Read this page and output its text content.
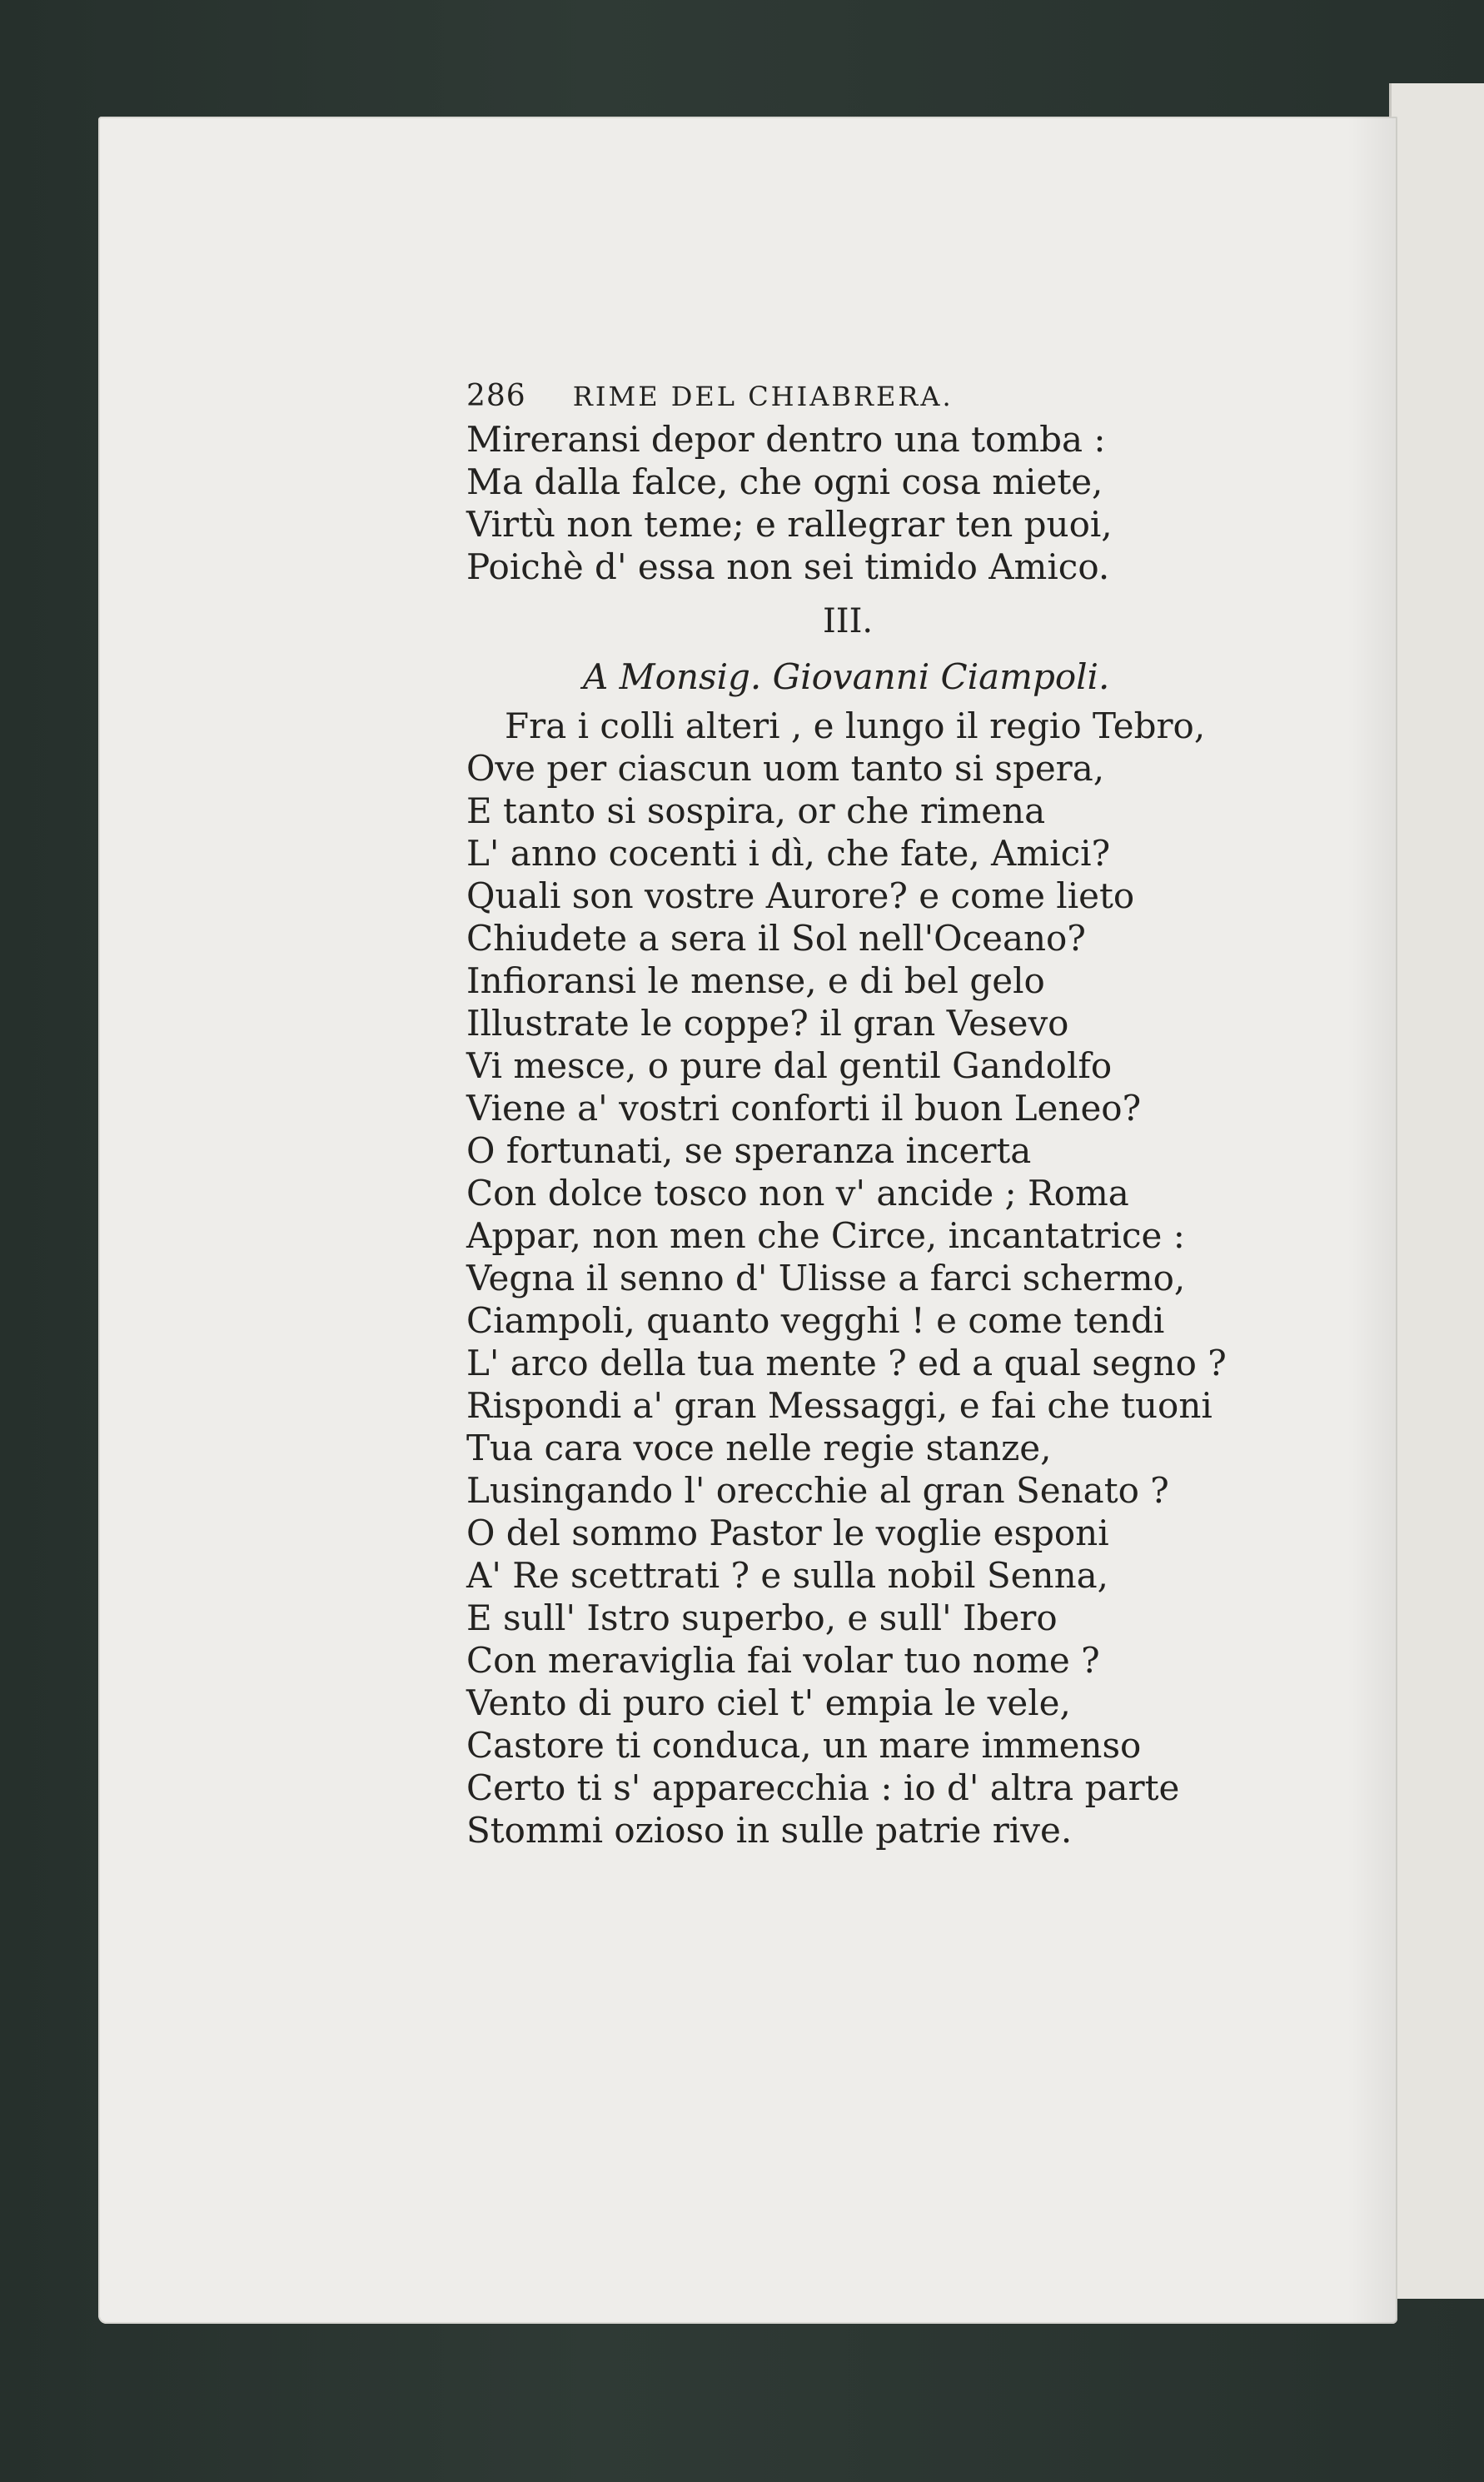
286 RIME DEL CHIABRERA.
Mireransi depor dentro una tomba :
Ma dalla falce, che ogni cosa miete,
Virtù non teme; e rallegrar ten puoi,
Poichè d' essa non sei timido Amico.
III.
A Monsig. Giovanni Ciampoli.
Fra i colli alteri , e lungo il regio Tebro,
Ove per ciascun uom tanto si spera,
E tanto si sospira, or che rimena
L' anno cocenti i dì, che fate, Amici?
Quali son vostre Aurore? e come lieto
Chiudete a sera il Sol nell'Oceano?
Infioransi le mense, e di bel gelo
Illustrate le coppe? il gran Vesevo
Vi mesce, o pure dal gentil Gandolfo
Viene a' vostri conforti il buon Leneo?
O fortunati, se speranza incerta
Con dolce tosco non v' ancide ; Roma
Appar, non men che Circe, incantatrice :
Vegna il senno d' Ulisse a farci schermo,
Ciampoli, quanto vegghi ! e come tendi
L' arco della tua mente ? ed a qual segno ?
Rispondi a' gran Messaggi, e fai che tuoni
Tua cara voce nelle regie stanze,
Lusingando l' orecchie al gran Senato ?
O del sommo Pastor le voglie esponi
A' Re scettrati ? e sulla nobil Senna,
E sull' Istro superbo, e sull' Ibero
Con meraviglia fai volar tuo nome ?
Vento di puro ciel t' empia le vele,
Castore ti conduca, un mare immenso
Certo ti s' apparecchia : io d' altra parte
Stommi ozioso in sulle patrie rive.
